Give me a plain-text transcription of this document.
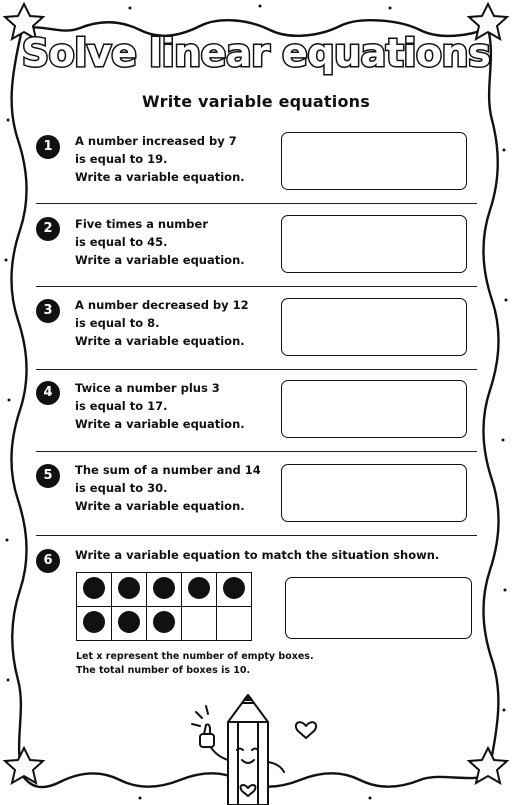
Solve linear equations
Write variable equations
1	A number increased by 7
is equal to 19.
Write a variable equation.
2	Five times a number
is equal to 45.
Write a variable equation.
3	A number decreased by 12
is equal to 8.
Write a variable equation.
4	Twice a number plus 3
is equal to 17.
Write a variable equation.
5	The sum of a number and 14
is equal to 30.
Write a variable equation.
6	Write a variable equation to match the situation shown.

Let x represent the number of empty boxes.
The total number of boxes is 10.
